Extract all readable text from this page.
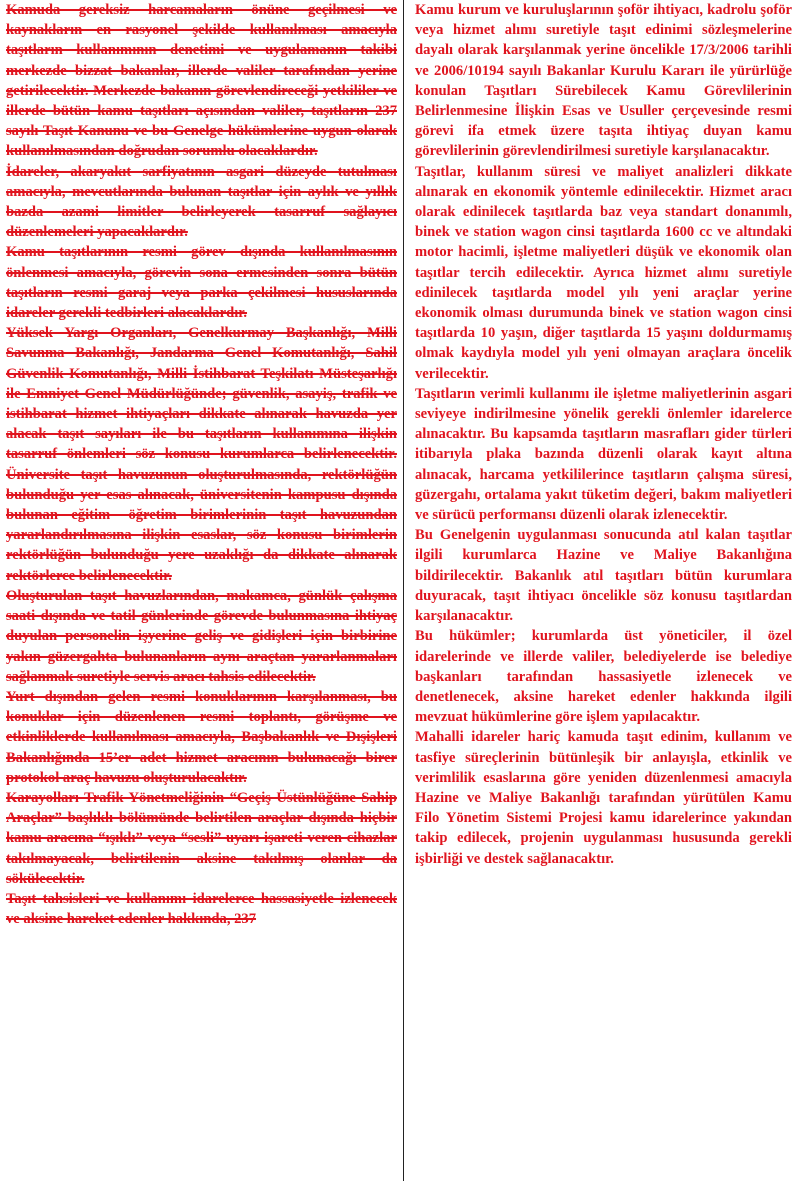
Kamuda gereksiz harcamaların önüne geçilmesi ve kaynakların en rasyonel şekilde kullanılması amacıyla taşıtların kullanımının denetimi ve uygulamanın takibi merkezde bizzat bakanlar, illerde valiler tarafından yerine getirilecektir. Merkezde bakanın görevlendireceği yetkililer ve illerde bütün kamu taşıtları açısından valiler, taşıtların 237 sayılı Taşıt Kanunu ve bu Genelge hükümlerine uygun olarak kullanılmasından doğrudan sorumlu olacaklardır.

İdareler, akaryakıt sarfiyatının asgari düzeyde tutulması amacıyla, mevcutlarında bulunan taşıtlar için aylık ve yıllık bazda azami limitler belirleyerek tasarruf sağlayıcı düzenlemeleri yapacaklardır.

Kamu taşıtlarının resmi görev dışında kullanılmasının önlenmesi amacıyla, görevin sona ermesinden sonra bütün taşıtların resmi garaj veya parka çekilmesi hususlarında idareler gerekli tedbirleri alacaklardır.

Yüksek Yargı Organları, Genelkurmay Başkanlığı, Milli Savunma Bakanlığı, Jandarma Genel Komutanlığı, Sahil Güvenlik Komutanlığı, Milli İstihbarat Teşkilatı Müsteşarlığı ile Emniyet Genel Müdürlüğünde; güvenlik, asayiş, trafik ve istihbarat hizmet ihtiyaçları dikkate alınarak havuzda yer alacak taşıt sayıları ile bu taşıtların kullanımına ilişkin tasarruf önlemleri söz konusu kurumlarca belirlenecektir. Üniversite taşıt havuzunun oluşturulmasında, rektörlüğün bulunduğu yer esas alınacak, üniversitenin kampusu dışında bulunan eğitim- öğretim birimlerinin taşıt havuzundan yararlandırılmasına ilişkin esaslar, söz konusu birimlerin rektörlüğün bulunduğu yere uzaklığı da dikkate alınarak rektörlerce belirlenecektir.

Oluşturulan taşıt havuzlarından, makamca, günlük çalışma saati dışında ve tatil günlerinde görevde bulunmasına ihtiyaç duyulan personelin işyerine geliş ve gidişleri için birbirine yakın güzergahta bulunanların aynı araçtan yararlanmaları sağlanmak suretiyle servis aracı tahsis edilecektir.

Yurt dışından gelen resmi konuklarının karşılanması, bu konuklar için düzenlenen resmi toplantı, görüşme ve etkinliklerde kullanılması amacıyla, Başbakanlık ve Dışişleri Bakanlığında 15’er adet hizmet aracının bulunacağı birer protokol araç havuzu oluşturulacaktır.

Karayolları Trafik Yönetmeliğinin “Geçiş Üstünlüğüne Sahip Araçlar” başlıklı bölümünde belirtilen araçlar dışında hiçbir kamu aracına “ışıklı” veya “sesli” uyarı işareti veren cihazlar takılmayacak, belirtilenin aksine takılmış olanlar da sökülecektir.

Taşıt tahsisleri ve kullanımı idarelerce hassasiyetle izlenecek ve aksine hareket edenler hakkında, 237

Kamu kurum ve kuruluşlarının şoför ihtiyacı, kadrolu şoför veya hizmet alımı suretiyle taşıt edinimi sözleşmelerine dayalı olarak karşılanmak yerine öncelikle 17/3/2006 tarihli ve 2006/10194 sayılı Bakanlar Kurulu Kararı ile yürürlüğe konulan Taşıtları Sürebilecek Kamu Görevlilerinin Belirlenmesine İlişkin Esas ve Usuller çerçevesinde resmi görevi ifa etmek üzere taşıta ihtiyaç duyan kamu görevlilerinin görevlendirilmesi suretiyle karşılanacaktır.

Taşıtlar, kullanım süresi ve maliyet analizleri dikkate alınarak en ekonomik yöntemle edinilecektir. Hizmet aracı olarak edinilecek taşıtlarda baz veya standart donanımlı, binek ve station wagon cinsi taşıtlarda 1600 cc ve altındaki motor hacimli, işletme maliyetleri düşük ve ekonomik olan taşıtlar tercih edilecektir. Ayrıca hizmet alımı suretiyle edinilecek taşıtlarda model yılı yeni araçlar yerine ekonomik olması durumunda binek ve station wagon cinsi taşıtlarda 10 yaşın, diğer taşıtlarda 15 yaşını doldurmamış olmak kaydıyla model yılı yeni olmayan araçlara öncelik verilecektir.

Taşıtların verimli kullanımı ile işletme maliyetlerinin asgari seviyeye indirilmesine yönelik gerekli önlemler idarelerce alınacaktır. Bu kapsamda taşıtların masrafları gider türleri itibarıyla plaka bazında düzenli olarak kayıt altına alınacak, harcama yetkililerince taşıtların çalışma süresi, güzergahı, ortalama yakıt tüketim değeri, bakım maliyetleri ve sürücü performansı düzenli olarak izlenecektir.

Bu Genelgenin uygulanması sonucunda atıl kalan taşıtlar ilgili kurumlarca Hazine ve Maliye Bakanlığına bildirilecektir. Bakanlık atıl taşıtları bütün kurumlara duyuracak, taşıt ihtiyacı öncelikle söz konusu taşıtlardan karşılanacaktır.

Bu hükümler; kurumlarda üst yöneticiler, il özel idarelerinde ve illerde valiler, belediyelerde ise belediye başkanları tarafından hassasiyetle izlenecek ve denetlenecek, aksine hareket edenler hakkında ilgili mevzuat hükümlerine göre işlem yapılacaktır.

Mahalli idareler hariç kamuda taşıt edinim, kullanım ve tasfiye süreçlerinin bütünleşik bir anlayışla, etkinlik ve verimlilik esaslarına göre yeniden düzenlenmesi amacıyla Hazine ve Maliye Bakanlığı tarafından yürütülen Kamu Filo Yönetim Sistemi Projesi kamu idarelerince yakından takip edilecek, projenin uygulanması hususunda gerekli işbirliği ve destek sağlanacaktır.
